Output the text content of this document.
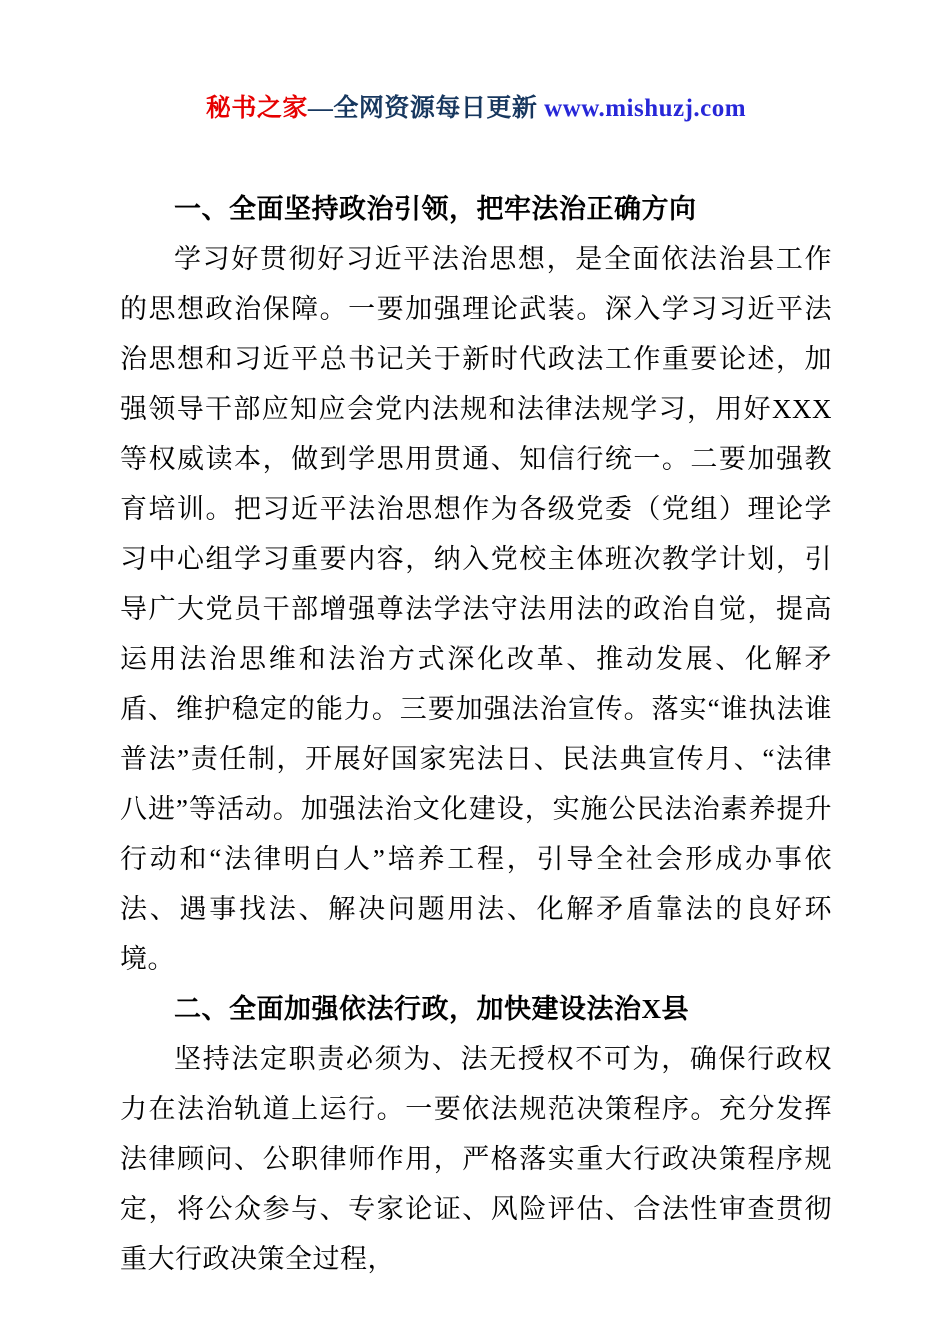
秘书之家—全网资源每日更新 www.mishuzj.com

一、全面坚持政治引领，把牢法治正确方向

学习好贯彻好习近平法治思想，是全面依法治县工作的思想政治保障。一要加强理论武装。深入学习习近平法治思想和习近平总书记关于新时代政法工作重要论述，加强领导干部应知应会党内法规和法律法规学习，用好XXX等权威读本，做到学思用贯通、知信行统一。二要加强教育培训。把习近平法治思想作为各级党委（党组）理论学习中心组学习重要内容，纳入党校主体班次教学计划，引导广大党员干部增强尊法学法守法用法的政治自觉，提高运用法治思维和法治方式深化改革、推动发展、化解矛盾、维护稳定的能力。三要加强法治宣传。落实“谁执法谁普法”责任制，开展好国家宪法日、民法典宣传月、“法律八进”等活动。加强法治文化建设，实施公民法治素养提升行动和“法律明白人”培养工程，引导全社会形成办事依法、遇事找法、解决问题用法、化解矛盾靠法的良好环境。

二、全面加强依法行政，加快建设法治X县

坚持法定职责必须为、法无授权不可为，确保行政权力在法治轨道上运行。一要依法规范决策程序。充分发挥法律顾问、公职律师作用，严格落实重大行政决策程序规定，将公众参与、专家论证、风险评估、合法性审查贯彻重大行政决策全过程，
